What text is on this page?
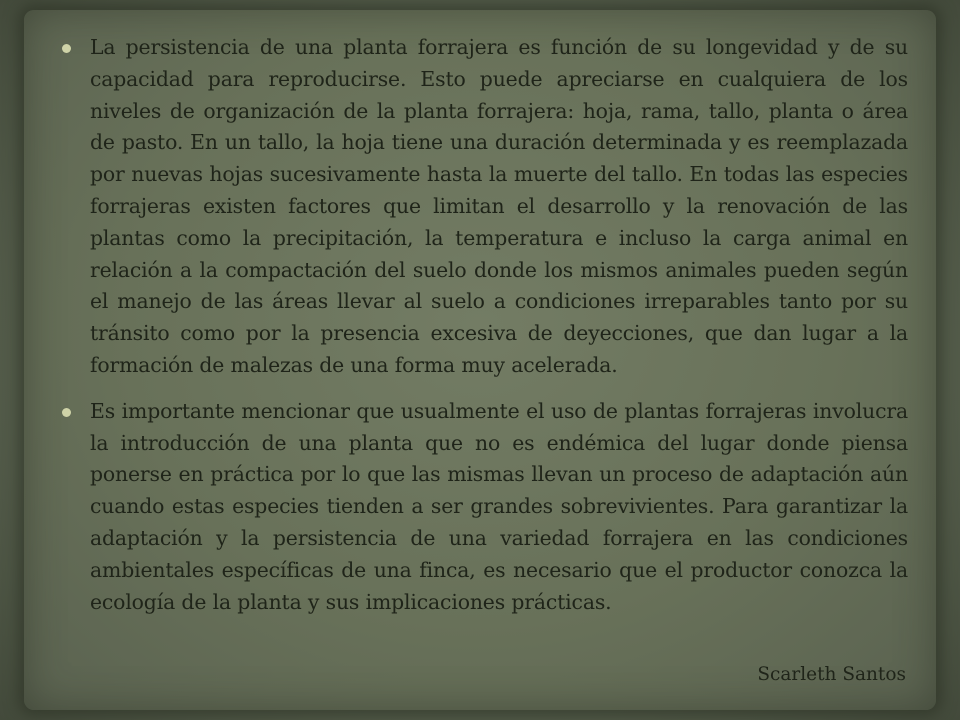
La persistencia de una planta forrajera es función de su longevidad y de su capacidad para reproducirse. Esto puede apreciarse en cualquiera de los niveles de organización de la planta forrajera: hoja, rama, tallo, planta o área de pasto. En un tallo, la hoja tiene una duración determinada y es reemplazada por nuevas hojas sucesivamente hasta la muerte del tallo. En todas las especies forrajeras existen factores que limitan el desarrollo y la renovación de las plantas como la precipitación, la temperatura e incluso la carga animal en relación a la compactación del suelo donde los mismos animales pueden según el manejo de las áreas llevar al suelo a condiciones irreparables tanto por su tránsito como por la presencia excesiva de deyecciones, que dan lugar a la formación de malezas de una forma muy acelerada.

Es importante mencionar que usualmente el uso de plantas forrajeras involucra la introducción de una planta que no es endémica del lugar donde piensa ponerse en práctica por lo que las mismas llevan un proceso de adaptación aún cuando estas especies tienden a ser grandes sobrevivientes. Para garantizar la adaptación y la persistencia de una variedad forrajera en las condiciones ambientales específicas de una finca, es necesario que el productor conozca la ecología de la planta y sus implicaciones prácticas.

Scarleth Santos
